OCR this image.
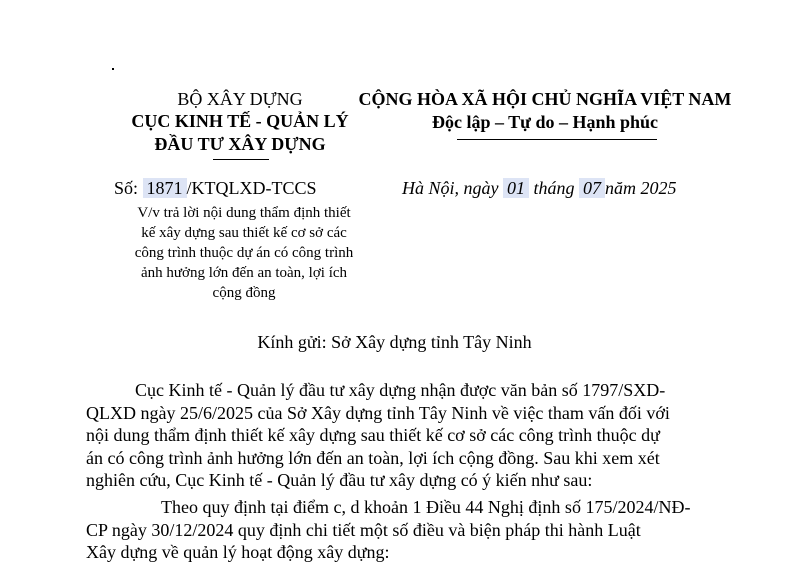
BỘ XÂY DỰNG
CỤC KINH TẾ - QUẢN LÝ
ĐẦU TƯ XÂY DỰNG
CỘNG HÒA XÃ HỘI CHỦ NGHĨA VIỆT NAM
Độc lập – Tự do – Hạnh phúc
Số: 1871 /KTQLXD-TCCS
V/v trả lời nội dung thẩm định thiết
kế xây dựng sau thiết kế cơ sở các
công trình thuộc dự án có công trình
ảnh hưởng lớn đến an toàn, lợi ích
cộng đồng
Hà Nội, ngày 01 tháng 07 năm 2025
Kính gửi: Sở Xây dựng tỉnh Tây Ninh
Cục Kinh tế - Quản lý đầu tư xây dựng nhận được văn bản số 1797/SXD-
QLXD ngày 25/6/2025 của Sở Xây dựng tỉnh Tây Ninh về việc tham vấn đối với
nội dung thẩm định thiết kế xây dựng sau thiết kế cơ sở các công trình thuộc dự
án có công trình ảnh hưởng lớn đến an toàn, lợi ích cộng đồng. Sau khi xem xét
nghiên cứu, Cục Kinh tế - Quản lý đầu tư xây dựng có ý kiến như sau:
Theo quy định tại điểm c, d khoản 1 Điều 44 Nghị định số 175/2024/NĐ-
CP ngày 30/12/2024 quy định chi tiết một số điều và biện pháp thi hành Luật
Xây dựng về quản lý hoạt động xây dựng:
